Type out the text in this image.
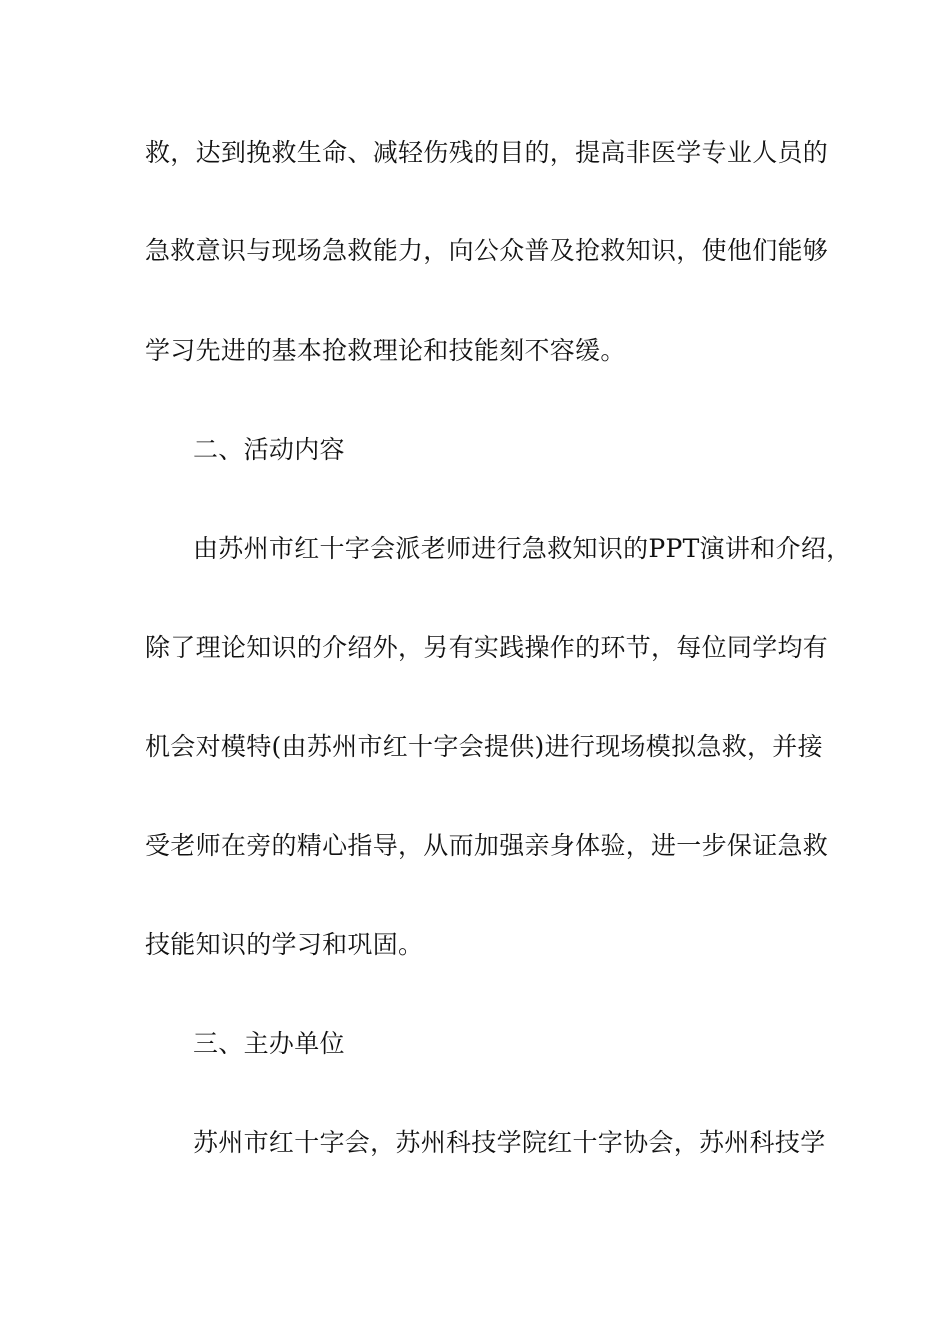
救，达到挽救生命、减轻伤残的目的，提高非医学专业人员的
急救意识与现场急救能力，向公众普及抢救知识，使他们能够
学习先进的基本抢救理论和技能刻不容缓。
二、活动内容
由苏州市红十字会派老师进行急救知识的PPT演讲和介绍，
除了理论知识的介绍外，另有实践操作的环节，每位同学均有
机会对模特(由苏州市红十字会提供)进行现场模拟急救，并接
受老师在旁的精心指导，从而加强亲身体验，进一步保证急救
技能知识的学习和巩固。
三、主办单位
苏州市红十字会，苏州科技学院红十字协会，苏州科技学
